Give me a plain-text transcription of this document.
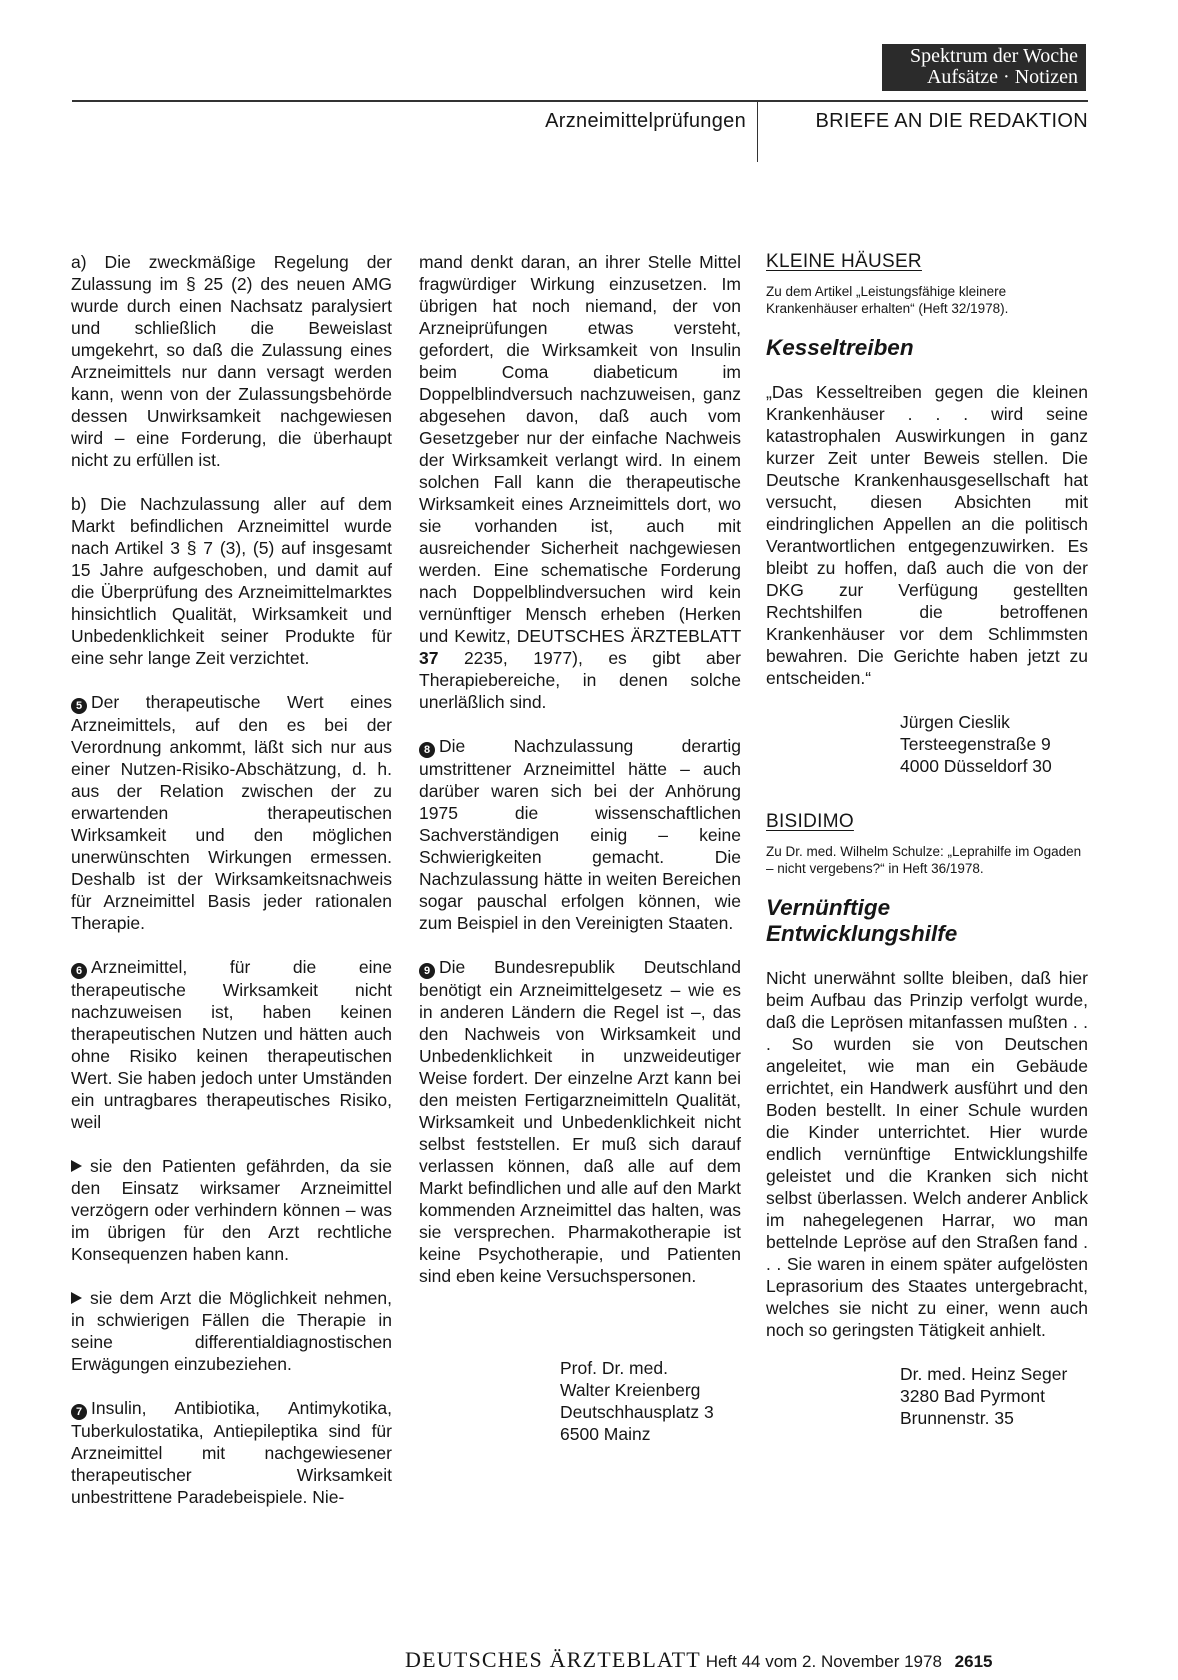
Spektrum der Woche
Aufsätze · Notizen
Arzneimittelprüfungen	BRIEFE AN DIE REDAKTION

a) Die zweckmäßige Regelung der Zulassung im § 25 (2) des neuen AMG wurde durch einen Nachsatz paralysiert und schließlich die Beweislast umgekehrt, so daß die Zulassung eines Arzneimittels nur dann versagt werden kann, wenn von der Zulassungsbehörde dessen Unwirksamkeit nachgewiesen wird – eine Forderung, die überhaupt nicht zu erfüllen ist.

b) Die Nachzulassung aller auf dem Markt befindlichen Arzneimittel wurde nach Artikel 3 § 7 (3), (5) auf insgesamt 15 Jahre aufgeschoben, und damit auf die Überprüfung des Arzneimittelmarktes hinsichtlich Qualität, Wirksamkeit und Unbedenklichkeit seiner Produkte für eine sehr lange Zeit verzichtet.

5 Der therapeutische Wert eines Arzneimittels, auf den es bei der Verordnung ankommt, läßt sich nur aus einer Nutzen-Risiko-Abschätzung, d. h. aus der Relation zwischen der zu erwartenden therapeutischen Wirksamkeit und den möglichen unerwünschten Wirkungen ermessen. Deshalb ist der Wirksamkeitsnachweis für Arzneimittel Basis jeder rationalen Therapie.

6 Arzneimittel, für die eine therapeutische Wirksamkeit nicht nachzuweisen ist, haben keinen therapeutischen Nutzen und hätten auch ohne Risiko keinen therapeutischen Wert. Sie haben jedoch unter Umständen ein untragbares therapeutisches Risiko, weil

sie den Patienten gefährden, da sie den Einsatz wirksamer Arzneimittel verzögern oder verhindern können – was im übrigen für den Arzt rechtliche Konsequenzen haben kann.

sie dem Arzt die Möglichkeit nehmen, in schwierigen Fällen die Therapie in seine differentialdiagnostischen Erwägungen einzubeziehen.

7 Insulin, Antibiotika, Antimykotika, Tuberkulostatika, Antiepileptika sind für Arzneimittel mit nachgewiesener therapeutischer Wirksamkeit unbestrittene Paradebeispiele. Nie-

mand denkt daran, an ihrer Stelle Mittel fragwürdiger Wirkung einzusetzen. Im übrigen hat noch niemand, der von Arzneiprüfungen etwas versteht, gefordert, die Wirksamkeit von Insulin beim Coma diabeticum im Doppelblindversuch nachzuweisen, ganz abgesehen davon, daß auch vom Gesetzgeber nur der einfache Nachweis der Wirksamkeit verlangt wird. In einem solchen Fall kann die therapeutische Wirksamkeit eines Arzneimittels dort, wo sie vorhanden ist, auch mit ausreichender Sicherheit nachgewiesen werden. Eine schematische Forderung nach Doppelblindversuchen wird kein vernünftiger Mensch erheben (Herken und Kewitz, DEUTSCHES ÄRZTEBLATT 37 2235, 1977), es gibt aber Therapiebereiche, in denen solche unerläßlich sind.

8 Die Nachzulassung derartig umstrittener Arzneimittel hätte – auch darüber waren sich bei der Anhörung 1975 die wissenschaftlichen Sachverständigen einig – keine Schwierigkeiten gemacht. Die Nachzulassung hätte in weiten Bereichen sogar pauschal erfolgen können, wie zum Beispiel in den Vereinigten Staaten.

9 Die Bundesrepublik Deutschland benötigt ein Arzneimittelgesetz – wie es in anderen Ländern die Regel ist –, das den Nachweis von Wirksamkeit und Unbedenklichkeit in unzweideutiger Weise fordert. Der einzelne Arzt kann bei den meisten Fertigarzneimitteln Qualität, Wirksamkeit und Unbedenklichkeit nicht selbst feststellen. Er muß sich darauf verlassen können, daß alle auf dem Markt befindlichen und alle auf den Markt kommenden Arzneimittel das halten, was sie versprechen. Pharmakotherapie ist keine Psychotherapie, und Patienten sind eben keine Versuchspersonen.

Prof. Dr. med.
Walter Kreienberg
Deutschhausplatz 3
6500 Mainz
KLEINE HÄUSER
Zu dem Artikel „Leistungsfähige kleinere Krankenhäuser erhalten“ (Heft 32/1978).
Kesseltreiben

„Das Kesseltreiben gegen die kleinen Krankenhäuser . . . wird seine katastrophalen Auswirkungen in ganz kurzer Zeit unter Beweis stellen. Die Deutsche Krankenhausgesellschaft hat versucht, diesen Absichten mit eindringlichen Appellen an die politisch Verantwortlichen entgegenzuwirken. Es bleibt zu hoffen, daß auch die von der DKG zur Verfügung gestellten Rechtshilfen die betroffenen Krankenhäuser vor dem Schlimmsten bewahren. Die Gerichte haben jetzt zu entscheiden.“

Jürgen Cieslik
Tersteegenstraße 9
4000 Düsseldorf 30
BISIDIMO
Zu Dr. med. Wilhelm Schulze: „Leprahilfe im Ogaden – nicht vergebens?“ in Heft 36/1978.
Vernünftige
Entwicklungshilfe

Nicht unerwähnt sollte bleiben, daß hier beim Aufbau das Prinzip verfolgt wurde, daß die Leprösen mitanfassen mußten . . . So wurden sie von Deutschen angeleitet, wie man ein Gebäude errichtet, ein Handwerk ausführt und den Boden bestellt. In einer Schule wurden die Kinder unterrichtet. Hier wurde endlich vernünftige Entwicklungshilfe geleistet und die Kranken sich nicht selbst überlassen. Welch anderer Anblick im nahegelegenen Harrar, wo man bettelnde Lepröse auf den Straßen fand . . . Sie waren in einem später aufgelösten Leprasorium des Staates untergebracht, welches sie nicht zu einer, wenn auch noch so geringsten Tätigkeit anhielt.

Dr. med. Heinz Seger
3280 Bad Pyrmont
Brunnenstr. 35
DEUTSCHES ÄRZTEBLATT Heft 44 vom 2. November 1978 2615
